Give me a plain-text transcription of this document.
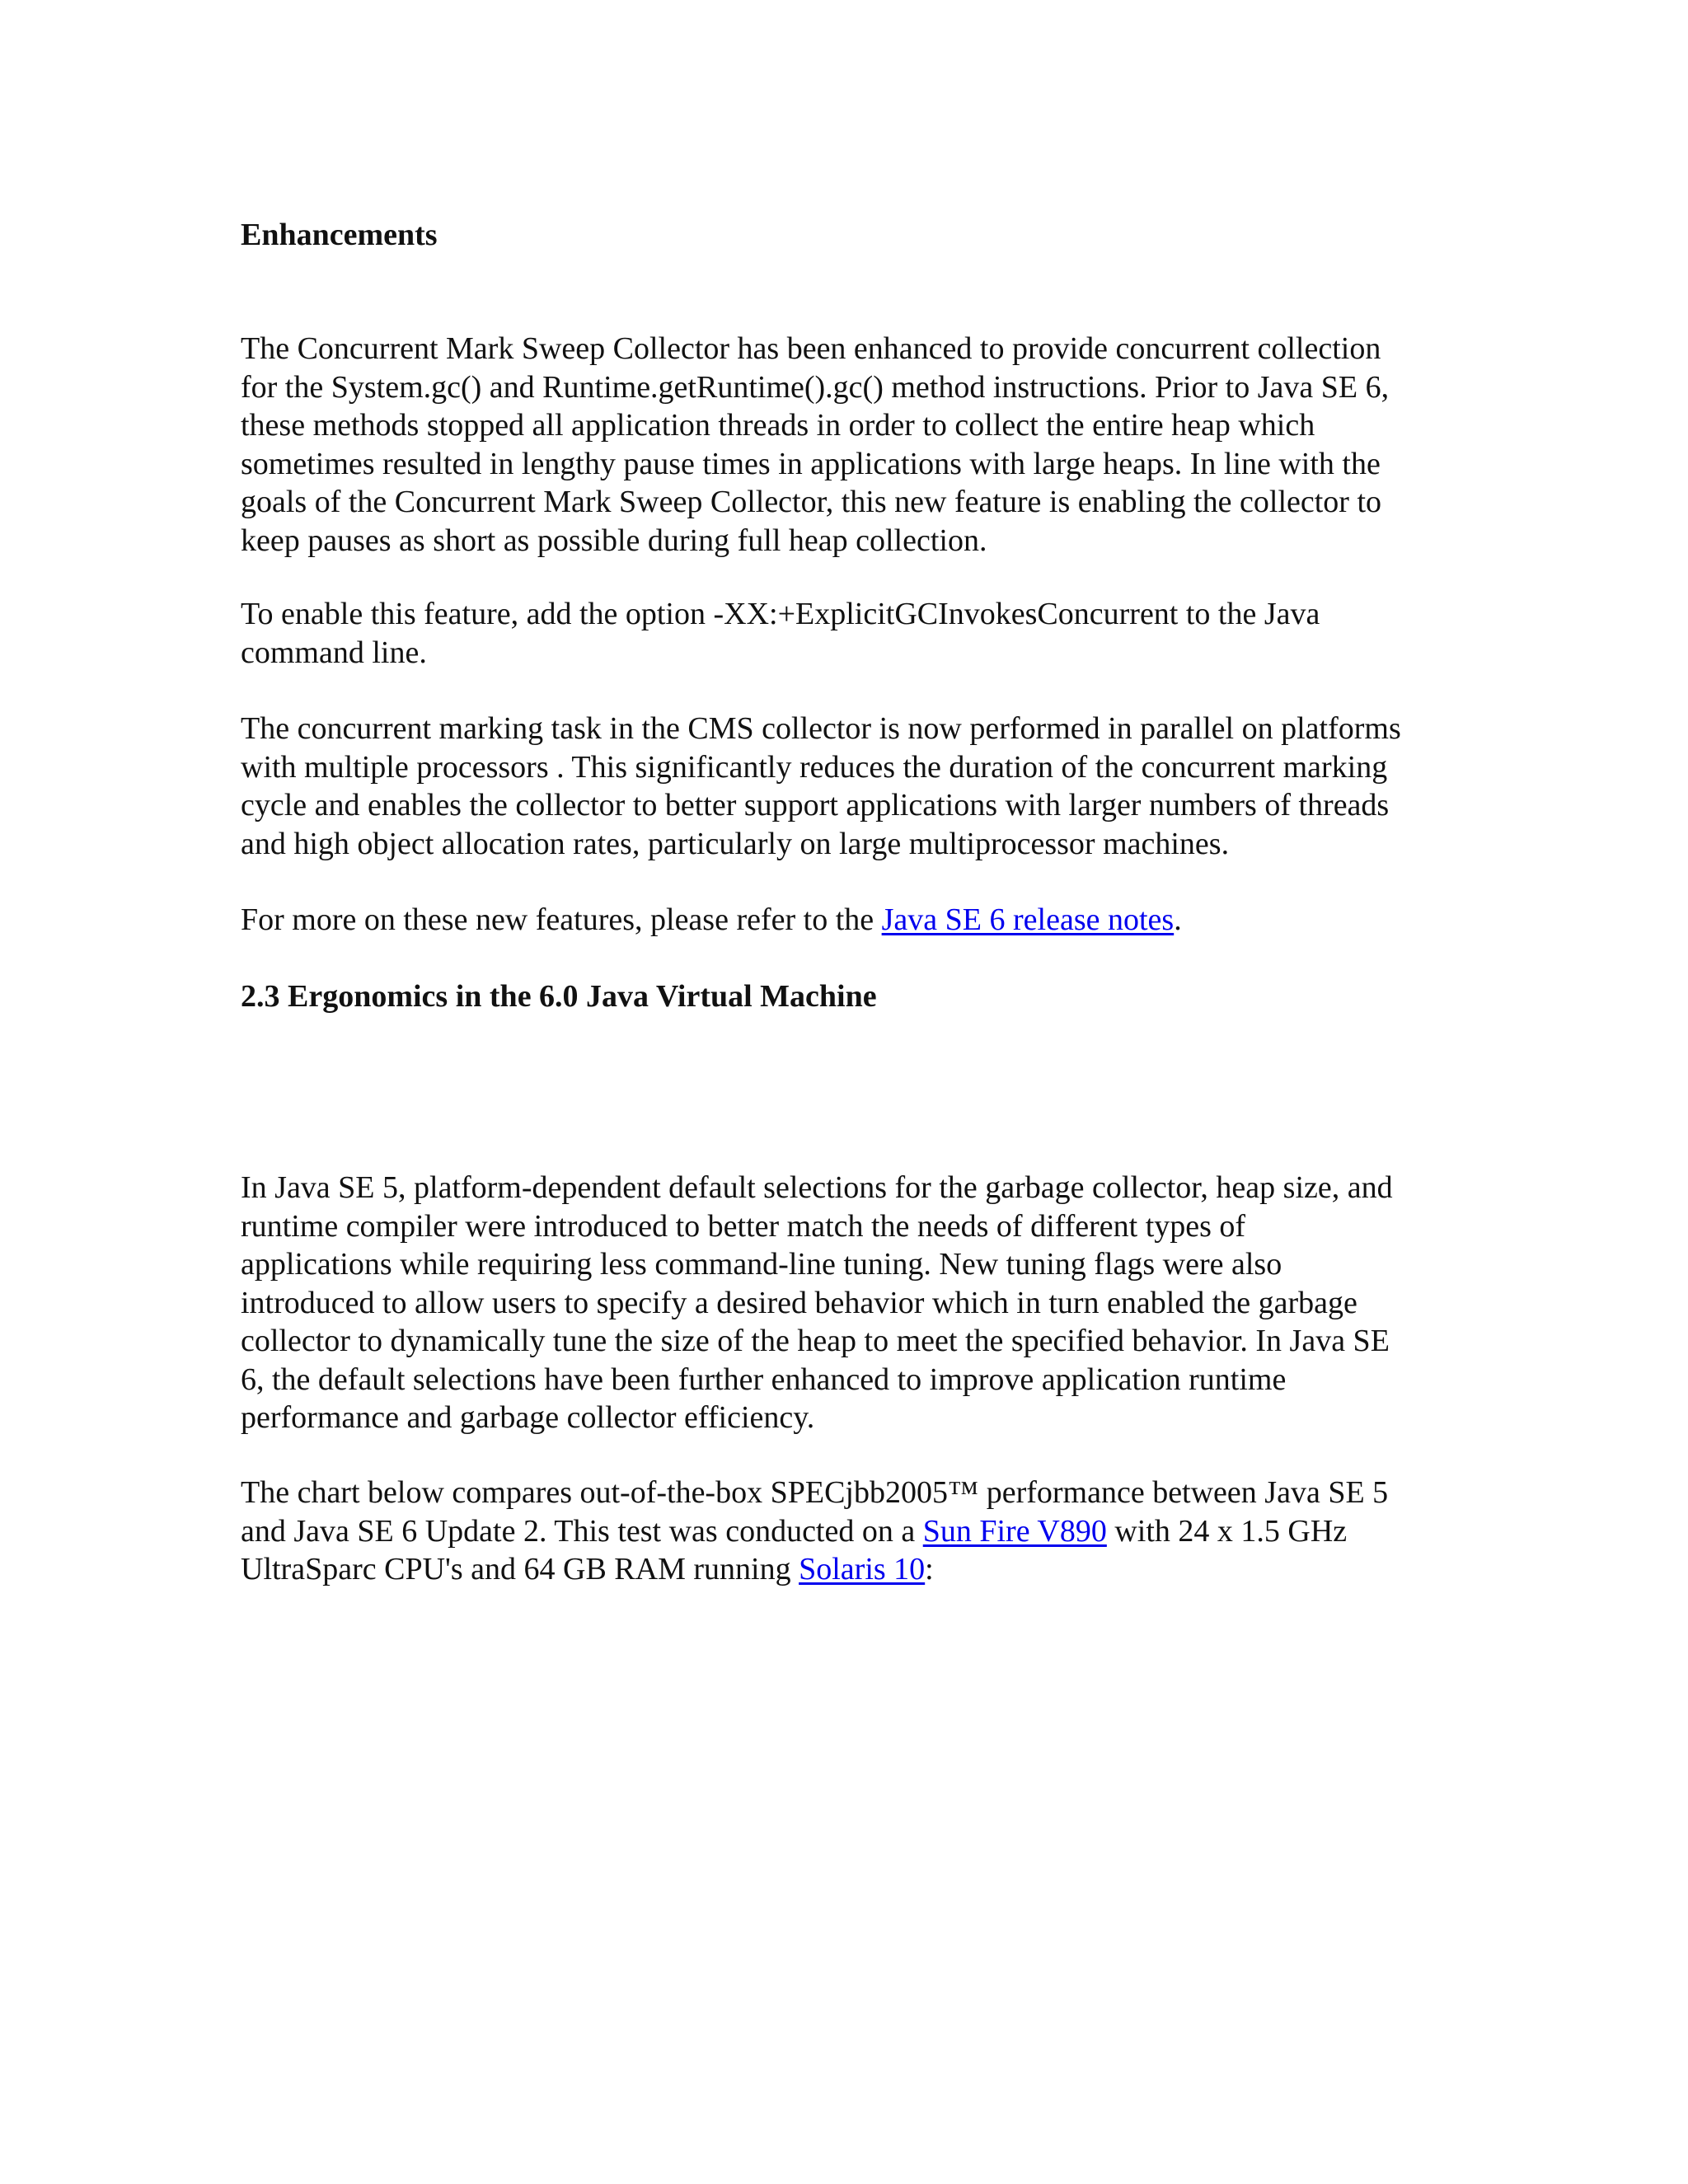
Enhancements

The Concurrent Mark Sweep Collector has been enhanced to provide concurrent collection
for the System.gc() and Runtime.getRuntime().gc() method instructions. Prior to Java SE 6,
these methods stopped all application threads in order to collect the entire heap which
sometimes resulted in lengthy pause times in applications with large heaps. In line with the
goals of the Concurrent Mark Sweep Collector, this new feature is enabling the collector to
keep pauses as short as possible during full heap collection.

To enable this feature, add the option -XX:+ExplicitGCInvokesConcurrent to the Java
command line.

The concurrent marking task in the CMS collector is now performed in parallel on platforms
with multiple processors . This significantly reduces the duration of the concurrent marking
cycle and enables the collector to better support applications with larger numbers of threads
and high object allocation rates, particularly on large multiprocessor machines.

For more on these new features, please refer to the Java SE 6 release notes.

2.3 Ergonomics in the 6.0 Java Virtual Machine

In Java SE 5, platform-dependent default selections for the garbage collector, heap size, and
runtime compiler were introduced to better match the needs of different types of
applications while requiring less command-line tuning. New tuning flags were also
introduced to allow users to specify a desired behavior which in turn enabled the garbage
collector to dynamically tune the size of the heap to meet the specified behavior. In Java SE
6, the default selections have been further enhanced to improve application runtime
performance and garbage collector efficiency.

The chart below compares out-of-the-box SPECjbb2005™ performance between Java SE 5
and Java SE 6 Update 2. This test was conducted on a Sun Fire V890 with 24 x 1.5 GHz
UltraSparc CPU's and 64 GB RAM running Solaris 10:
